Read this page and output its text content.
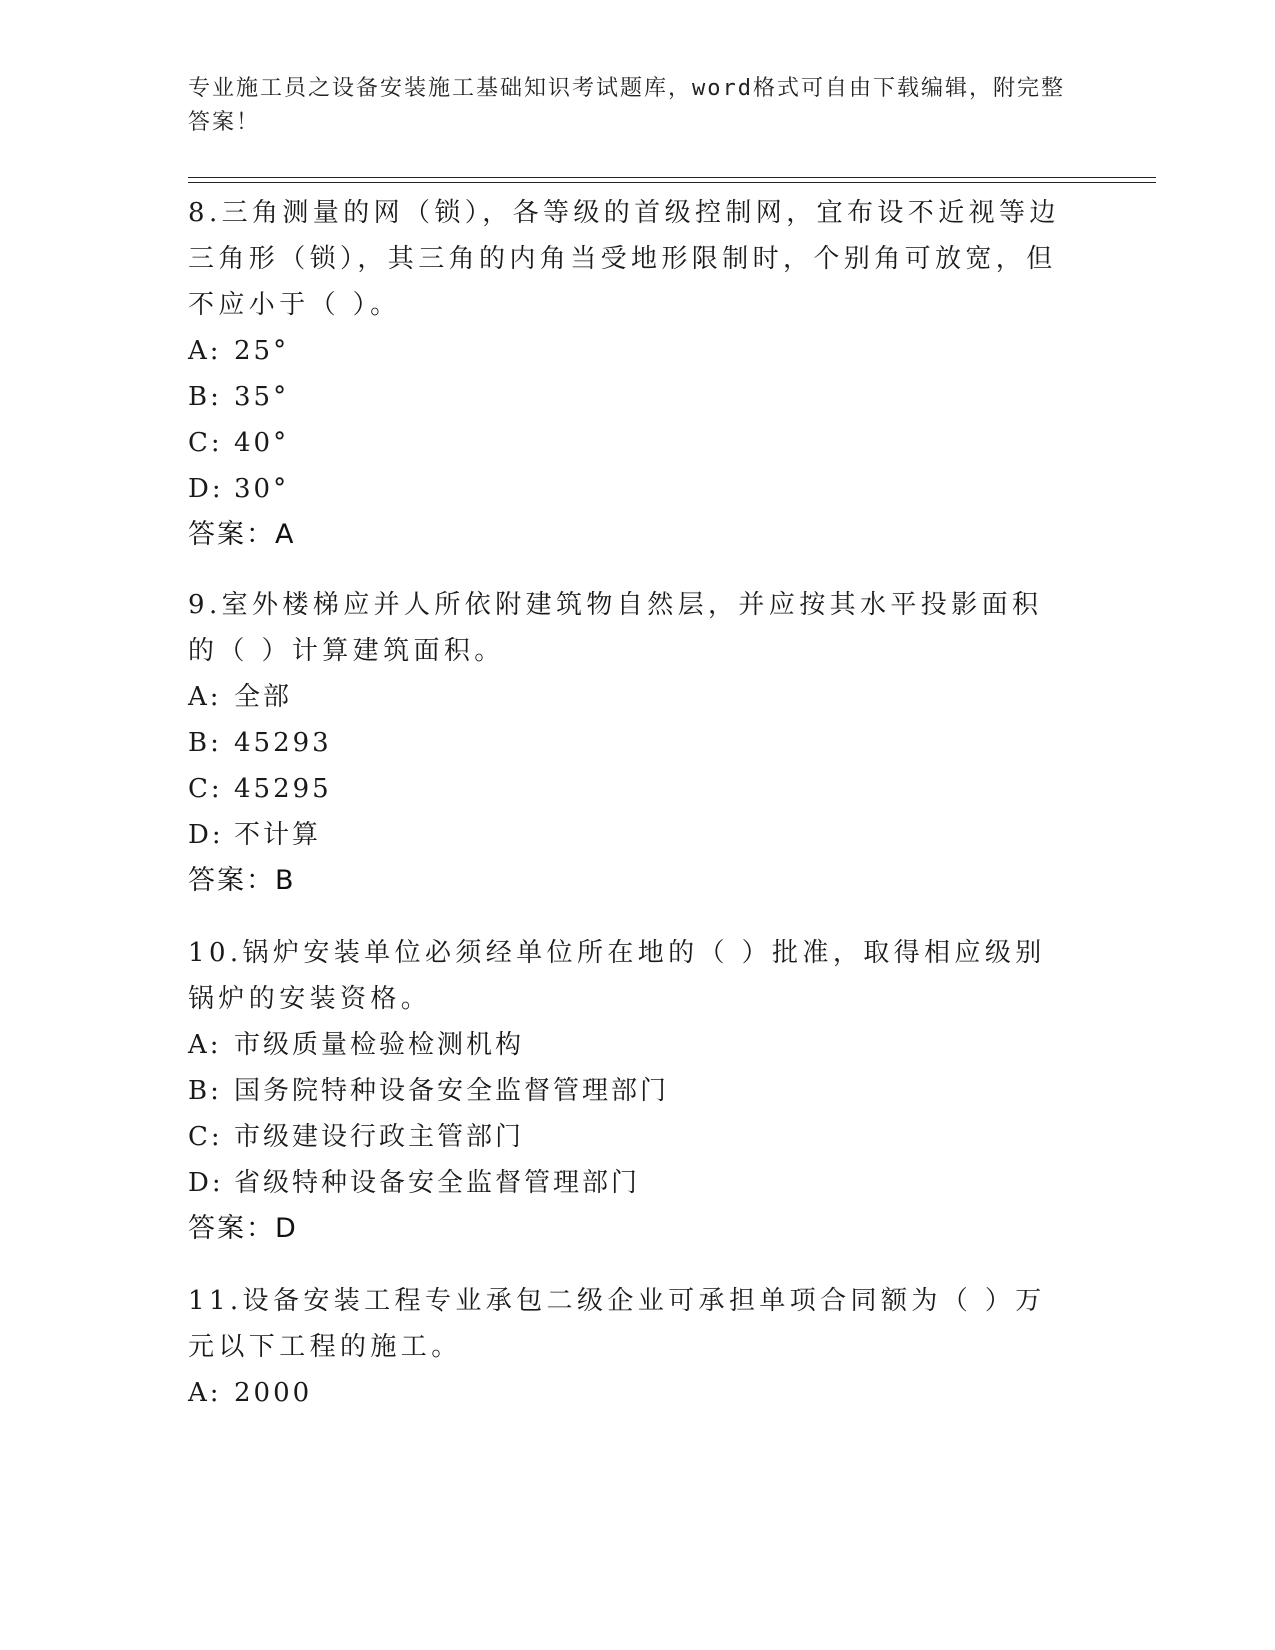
专业施工员之设备安装施工基础知识考试题库，word格式可自由下载编辑，附完整答案！

8.三角测量的网（锁），各等级的首级控制网，宜布设不近视等边三角形（锁），其三角的内角当受地形限制时，个别角可放宽，但不应小于（ ）。

A: 25°
B: 35°
C: 40°
D: 30°
答案：A

9.室外楼梯应并人所依附建筑物自然层，并应按其水平投影面积的（ ）计算建筑面积。

A: 全部
B: 45293
C: 45295
D: 不计算
答案：B

10.锅炉安装单位必须经单位所在地的（ ）批准，取得相应级别锅炉的安装资格。

A: 市级质量检验检测机构
B: 国务院特种设备安全监督管理部门
C: 市级建设行政主管部门
D: 省级特种设备安全监督管理部门
答案：D

11.设备安装工程专业承包二级企业可承担单项合同额为（ ）万元以下工程的施工。

A: 2000
